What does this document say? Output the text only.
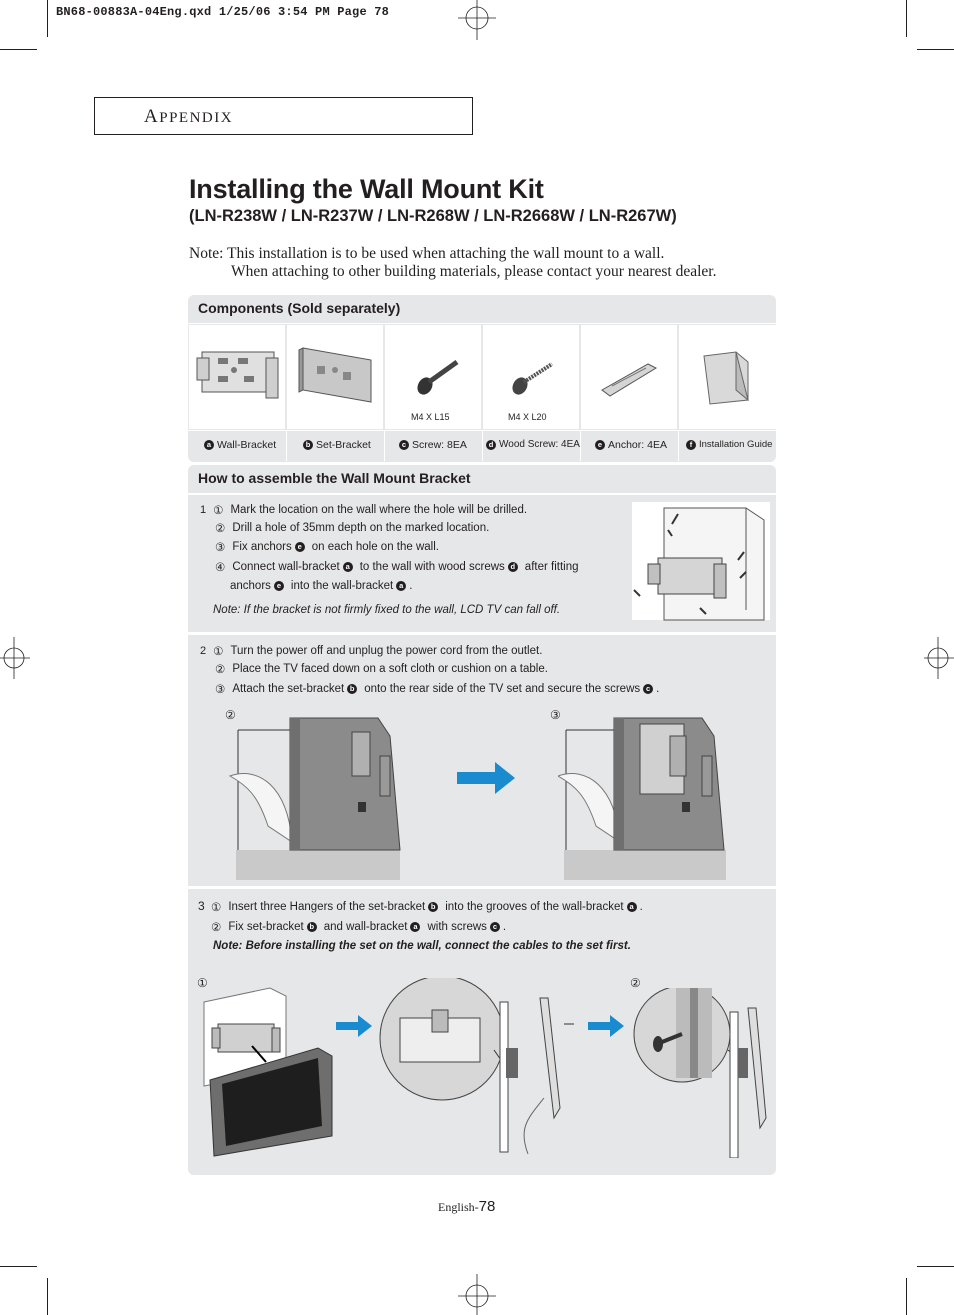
BN68-00883A-04Eng.qxd 1/25/06 3:54 PM Page 78
APPENDIX
Installing the Wall Mount Kit
(LN-R238W / LN-R237W / LN-R268W / LN-R2668W / LN-R267W)
Note: This installation is to be used when attaching the wall mount to a wall.
When attaching to other building materials, please contact your nearest dealer.
Components (Sold separately)
M4 X L15	M4 X L20
a Wall-Bracket	b Set-Bracket	c Screw: 8EA	d Wood Screw: 4EA	e Anchor: 4EA	f Installation Guide
How to assemble the Wall Mount Bracket
1 ① Mark the location on the wall where the hole will be drilled.
② Drill a hole of 35mm depth on the marked location.
③ Fix anchors e on each hole on the wall.
④ Connect wall-bracket a to the wall with wood screws d after fitting
anchors e into the wall-bracket a .
Note: If the bracket is not firmly fixed to the wall, LCD TV can fall off.
2 ① Turn the power off and unplug the power cord from the outlet.
② Place the TV faced down on a soft cloth or cushion on a table.
③ Attach the set-bracket b onto the rear side of the TV set and secure the screws c .
②	③
3 ① Insert three Hangers of the set-bracket b into the grooves of the wall-bracket a .
② Fix set-bracket b and wall-bracket a with screws c .
Note: Before installing the set on the wall, connect the cables to the set first.
①	②
English-78
